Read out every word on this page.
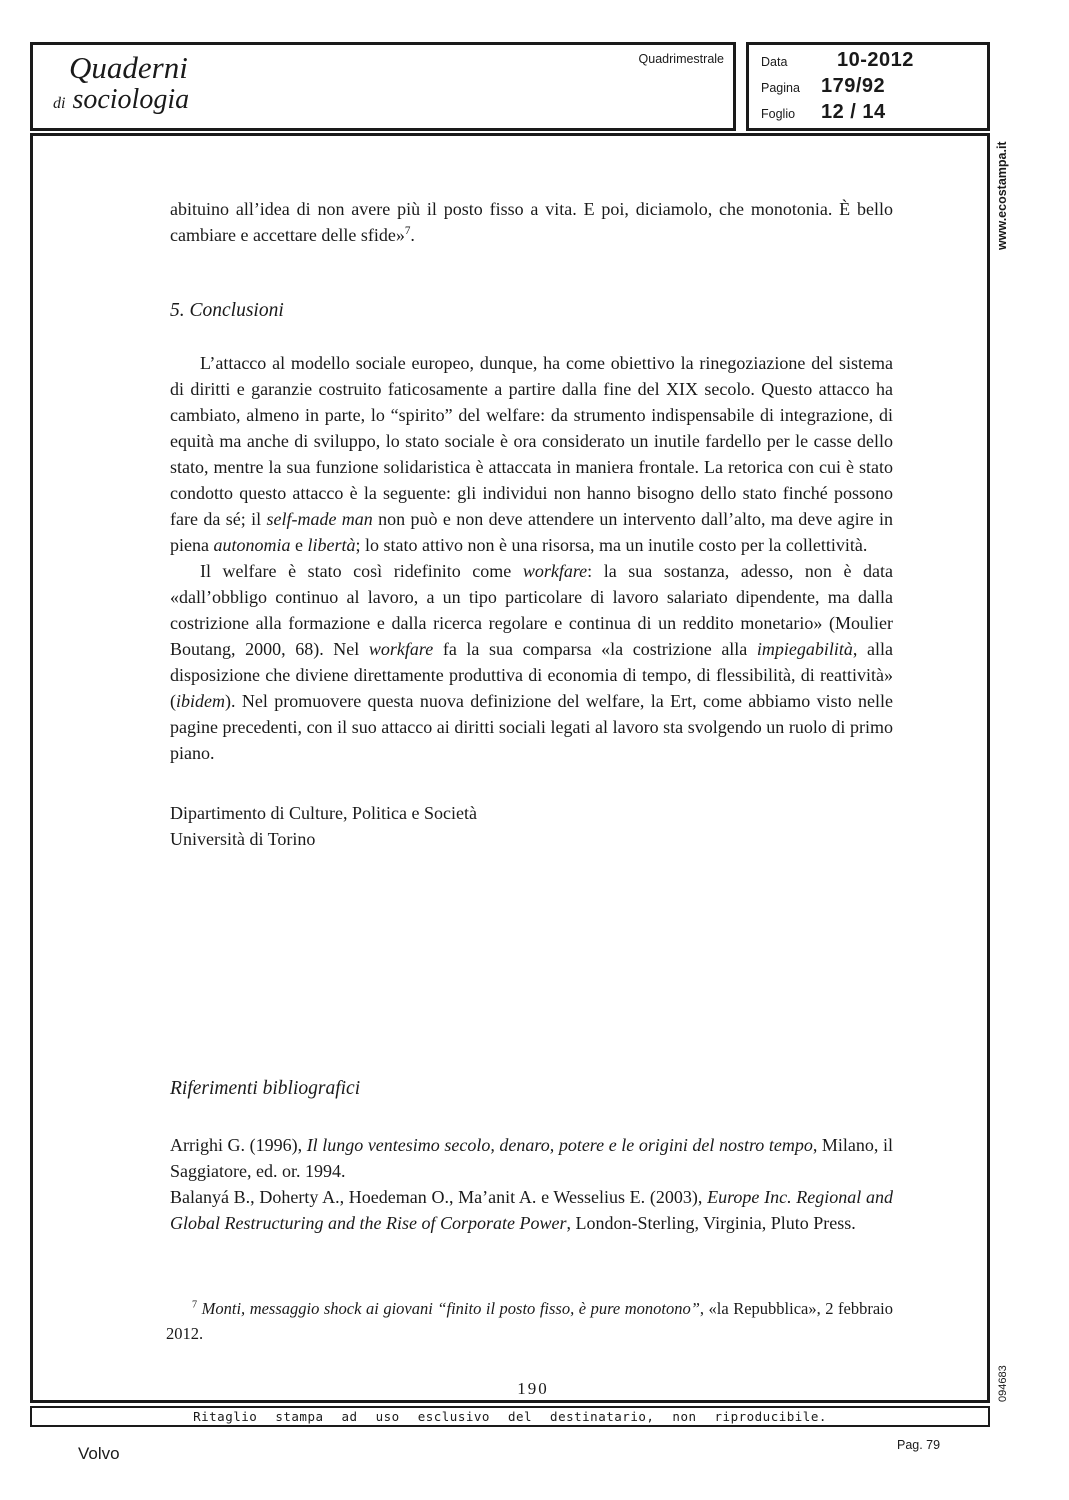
Quaderni
di sociologia
Quadrimestrale	Data	10-2012
Pagina	179/92
Foglio	12 / 14

abituino all’idea di non avere più il posto fisso a vita. E poi, diciamolo, che monotonia. È bello cambiare e accettare delle sfide»$^7$.

5. Conclusioni

L’attacco al modello sociale europeo, dunque, ha come obiettivo la rinegoziazione del sistema di diritti e garanzie costruito faticosamente a partire dalla fine del XIX secolo. Questo attacco ha cambiato, almeno in parte, lo “spirito” del welfare: da strumento indispensabile di integrazione, di equità ma anche di sviluppo, lo stato sociale è ora considerato un inutile fardello per le casse dello stato, mentre la sua funzione solidaristica è attaccata in maniera frontale. La retorica con cui è stato condotto questo attacco è la seguente: gli individui non hanno bisogno dello stato finché possono fare da sé; il self-made man non può e non deve attendere un intervento dall’alto, ma deve agire in piena autonomia e libertà; lo stato attivo non è una risorsa, ma un inutile costo per la collettività.

Il welfare è stato così ridefinito come workfare: la sua sostanza, adesso, non è data «dall’obbligo continuo al lavoro, a un tipo particolare di lavoro salariato dipendente, ma dalla costrizione alla formazione e dalla ricerca regolare e continua di un reddito monetario» (Moulier Boutang, 2000, 68). Nel workfare fa la sua comparsa «la costrizione alla impiegabilità, alla disposizione che diviene direttamente produttiva di economia di tempo, di flessibilità, di reattività» (ibidem). Nel promuovere questa nuova definizione del welfare, la Ert, come abbiamo visto nelle pagine precedenti, con il suo attacco ai diritti sociali legati al lavoro sta svolgendo un ruolo di primo piano.

Dipartimento di Culture, Politica e Società

Università di Torino

Riferimenti bibliografici

Arrighi G. (1996), Il lungo ventesimo secolo, denaro, potere e le origini del nostro tempo, Milano, il Saggiatore, ed. or. 1994.

Balanyá B., Doherty A., Hoedeman O., Ma’anit A. e Wesselius E. (2003), Europe Inc. Regional and Global Restructuring and the Rise of Corporate Power, London-Sterling, Virginia, Pluto Press.

$^7$ Monti, messaggio shock ai giovani “finito il posto fisso, è pure monotono”, «la Repubblica», 2 febbraio 2012.

190
Ritaglio stampa ad uso esclusivo del destinatario, non riproducibile.
www.ecostampa.it
094683
Volvo	Pag. 79
